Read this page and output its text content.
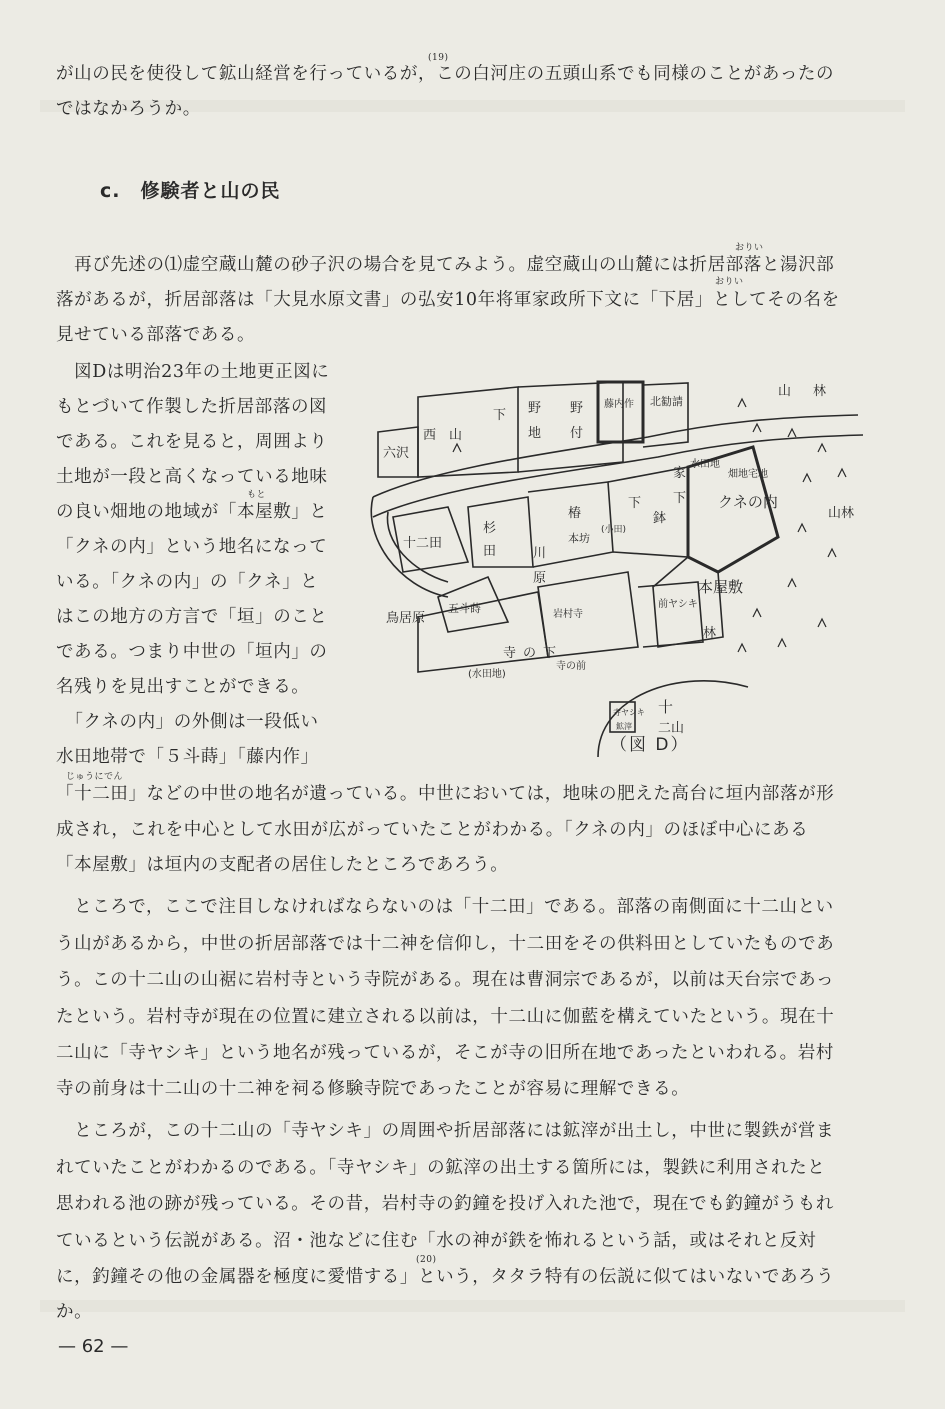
(19)
が山の民を使役して鉱山経営を行っているが，この白河庄の五頭山系でも同様のことがあったの
ではなかろうか。
c.　修験者と山の民
おりい
　再び先述の⑴虚空蔵山麓の砂子沢の場合を見てみよう。虚空蔵山の山麓には折居部落と湯沢部
おりい
落があるが，折居部落は「大見水原文書」の弘安10年将軍家政所下文に「下居」としてその名を
見せている部落である。
　図Dは明治23年の土地更正図に
もとづいて作製した折居部落の図
である。これを見ると，周囲より
土地が一段と高くなっている地味
もと
の良い畑地の地域が「本屋敷」と
「クネの内」という地名になって
いる。「クネの内」の「クネ」と
はこの地方の方言で「垣」のこと
である。つまり中世の「垣内」の
名残りを見出すことができる。
　「クネの内」の外側は一段低い
水田地帯で「５斗蒔」「藤内作」
じゅうにでん
「十二田」などの中世の地名が遺っている。中世においては，地味の肥えた高台に垣内部落が形
成され，これを中心として水田が広がっていたことがわかる。「クネの内」のほぼ中心にある
「本屋敷」は垣内の支配者の居住したところであろう。
　ところで，ここで注目しなければならないのは「十二田」である。部落の南側面に十二山とい
う山があるから，中世の折居部落では十二神を信仰し，十二田をその供料田としていたものであ
う。この十二山の山裾に岩村寺という寺院がある。現在は曹洞宗であるが，以前は天台宗であっ
たという。岩村寺が現在の位置に建立される以前は，十二山に伽藍を構えていたという。現在十
二山に「寺ヤシキ」という地名が残っているが，そこが寺の旧所在地であったといわれる。岩村
寺の前身は十二山の十二神を祠る修験寺院であったことが容易に理解できる。
　ところが，この十二山の「寺ヤシキ」の周囲や折居部落には鉱滓が出土し，中世に製鉄が営ま
れていたことがわかるのである。「寺ヤシキ」の鉱滓の出土する箇所には，製鉄に利用されたと
思われる池の跡が残っている。その昔，岩村寺の釣鐘を投げ入れた池で，現在でも釣鐘がうもれ
ているという伝説がある。沼・池などに住む「水の神が鉄を怖れるという話，或はそれと反対
(20)
に，釣鐘その他の金属器を極度に愛惜する」という，タタラ特有の伝説に似てはいないであろう
か。
西　山
下 野
地
野
付
藤内作 北勧請
山 林
六沢
十二田
杉
田
鉢
家
下
五斗蒔
椿
本坊
下
畑地宅地
水田地
クネの内
山林
鳥居原
川
原
寺 の 下
(水田地)
岩村寺
寺の前
前ヤシキ
本屋敷
林
十
二山
寺ヤシキ
鉱滓
(小田)
（図 D）
— 62 —
